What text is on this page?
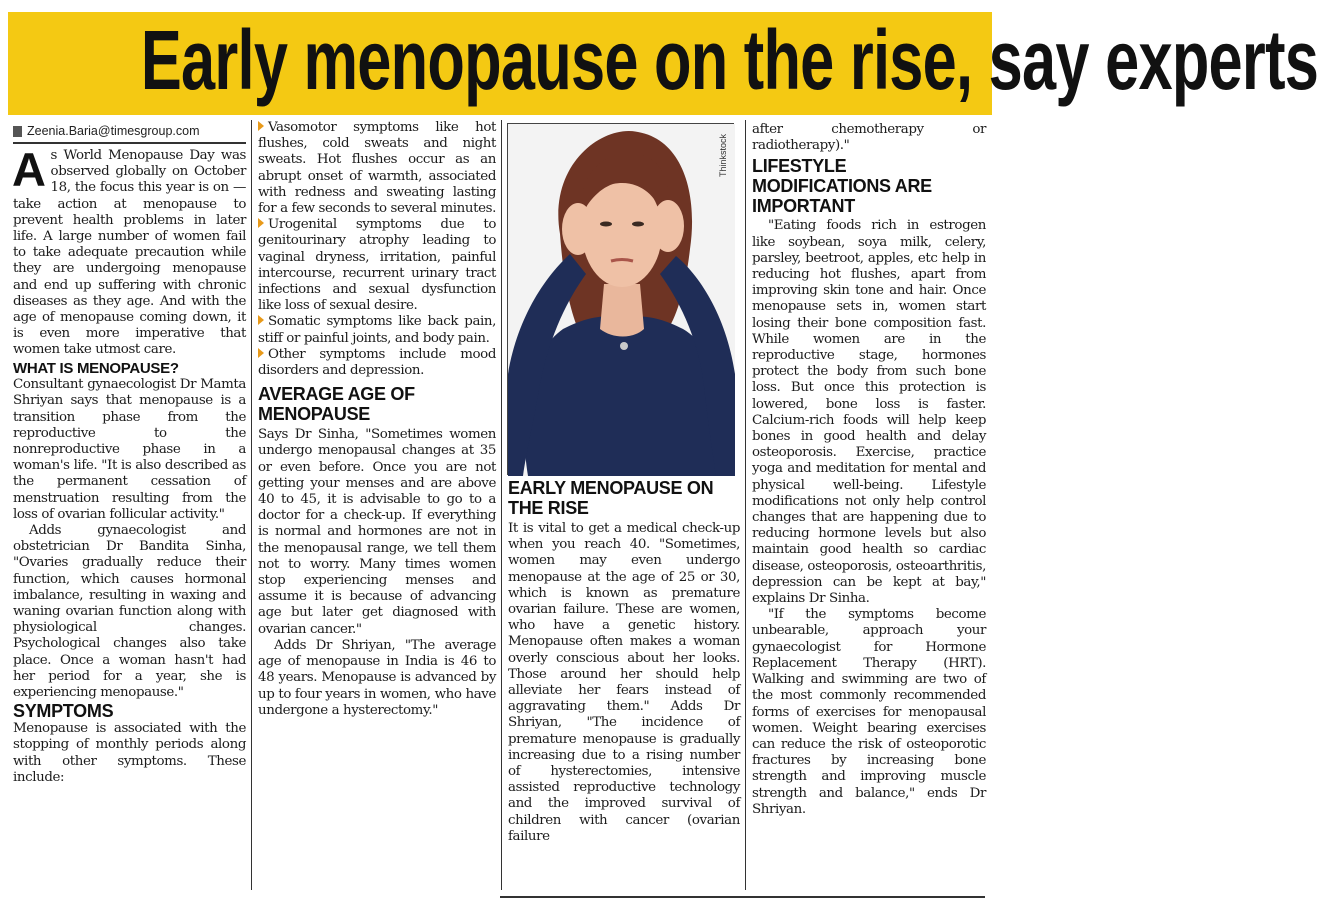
Early menopause on the rise, say experts
Zeenia.Baria@timesgroup.com

As World Menopause Day was observed globally on October 18, the focus this year is on — take action at menopause to prevent health problems in later life. A large number of women fail to take adequate precaution while they are undergoing menopause and end up suffering with chronic diseases as they age. And with the age of menopause coming down, it is even more imperative that women take utmost care.

WHAT IS MENOPAUSE?

Consultant gynaecologist Dr Mamta Shriyan says that menopause is a transition phase from the reproductive to the nonreproductive phase in a woman's life. "It is also described as the permanent cessation of menstruation resulting from the loss of ovarian follicular activity."

Adds gynaecologist and obstetrician Dr Bandita Sinha, "Ovaries gradually reduce their function, which causes hormonal imbalance, resulting in waxing and waning ovarian function along with physiological changes. Psychological changes also take place. Once a woman hasn't had her period for a year, she is experiencing menopause."

SYMPTOMS

Menopause is associated with the stopping of monthly periods along with other symptoms. These include:

Vasomotor symptoms like hot flushes, cold sweats and night sweats. Hot flushes occur as an abrupt onset of warmth, associated with redness and sweating lasting for a few seconds to several minutes.

Urogenital symptoms due to genitourinary atrophy leading to vaginal dryness, irritation, painful intercourse, recurrent urinary tract infections and sexual dysfunction like loss of sexual desire.

Somatic symptoms like back pain, stiff or painful joints, and body pain.

Other symptoms include mood disorders and depression.

AVERAGE AGE OF MENOPAUSE

Says Dr Sinha, "Sometimes women undergo menopausal changes at 35 or even before. Once you are not getting your menses and are above 40 to 45, it is advisable to go to a doctor for a check-up. If everything is normal and hormones are not in the menopausal range, we tell them not to worry. Many times women stop experiencing menses and assume it is because of advancing age but later get diagnosed with ovarian cancer."

Adds Dr Shriyan, "The average age of menopause in India is 46 to 48 years. Menopause is advanced by up to four years in women, who have undergone a hysterectomy."

Thinkstock
EARLY MENOPAUSE ON THE RISE

It is vital to get a medical check-up when you reach 40. "Sometimes, women may even undergo menopause at the age of 25 or 30, which is known as premature ovarian failure. These are women, who have a genetic history. Menopause often makes a woman overly conscious about her looks. Those around her should help alleviate her fears instead of aggravating them." Adds Dr Shriyan, "The incidence of premature menopause is gradually increasing due to a rising number of hysterectomies, intensive assisted reproductive technology and the improved survival of children with cancer (ovarian failure

after chemotherapy or radiotherapy)."

LIFESTYLE MODIFICATIONS ARE IMPORTANT

"Eating foods rich in estrogen like soybean, soya milk, celery, parsley, beetroot, apples, etc help in reducing hot flushes, apart from improving skin tone and hair. Once menopause sets in, women start losing their bone composition fast. While women are in the reproductive stage, hormones protect the body from such bone loss. But once this protection is lowered, bone loss is faster. Calcium-rich foods will help keep bones in good health and delay osteoporosis. Exercise, practice yoga and meditation for mental and physical well-being. Lifestyle modifications not only help control changes that are happening due to reducing hormone levels but also maintain good health so cardiac disease, osteoporosis, osteoarthritis, depression can be kept at bay," explains Dr Sinha.

"If the symptoms become unbearable, approach your gynaecologist for Hormone Replacement Therapy (HRT). Walking and swimming are two of the most commonly recommended forms of exercises for menopausal women. Weight bearing exercises can reduce the risk of osteoporotic fractures by increasing bone strength and improving muscle strength and balance," ends Dr Shriyan.
